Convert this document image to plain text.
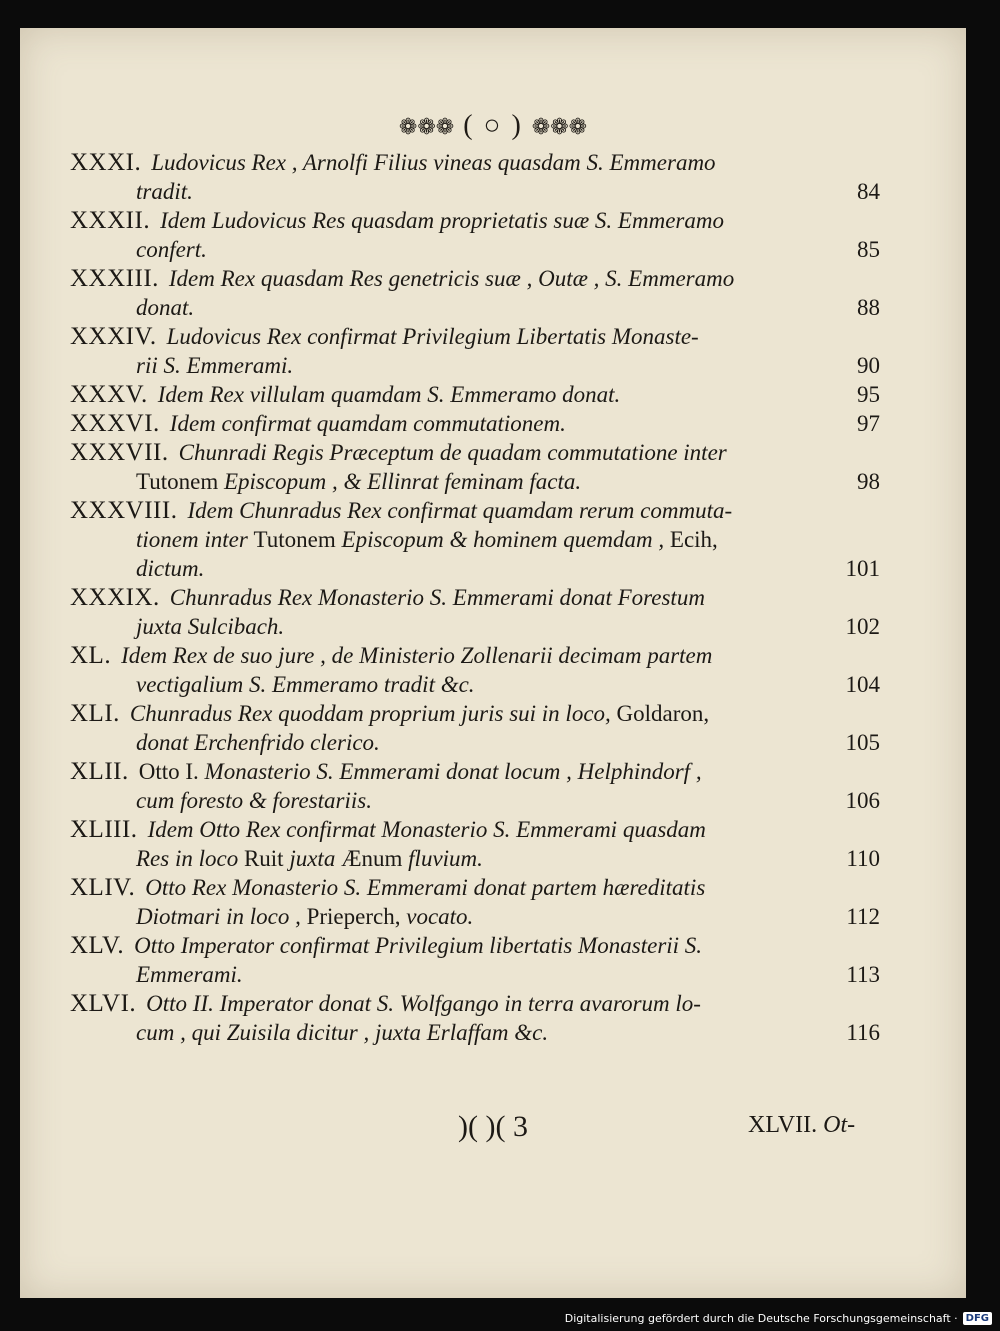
❁❁❁ ( ○ ) ❁❁❁
XXXI. Ludovicus Rex , Arnolfi Filius vineas quasdam S. Emmeramo
tradit.	84
XXXII. Idem Ludovicus Res quasdam proprietatis suæ S. Emmeramo
confert.	85
XXXIII. Idem Rex quasdam Res genetricis suæ , Outæ , S. Emmeramo
donat.	88
XXXIV. Ludovicus Rex confirmat Privilegium Libertatis Monaste-
rii S. Emmerami.	90
XXXV. Idem Rex villulam quamdam S. Emmeramo donat.	95
XXXVI. Idem confirmat quamdam commutationem.	97
XXXVII. Chunradi Regis Præceptum de quadam commutatione inter
Tutonem Episcopum , & Ellinrat feminam facta.	98
XXXVIII. Idem Chunradus Rex confirmat quamdam rerum commuta-
tionem inter Tutonem Episcopum & hominem quemdam , Ecih,
dictum.	101
XXXIX. Chunradus Rex Monasterio S. Emmerami donat Forestum
juxta Sulcibach.	102
XL. Idem Rex de suo jure , de Ministerio Zollenarii decimam partem
vectigalium S. Emmeramo tradit &c.	104
XLI. Chunradus Rex quoddam proprium juris sui in loco, Goldaron,
donat Erchenfrido clerico.	105
XLII. Otto I. Monasterio S. Emmerami donat locum , Helphindorf ,
cum foresto & forestariis.	106
XLIII. Idem Otto Rex confirmat Monasterio S. Emmerami quasdam
Res in loco Ruit juxta Ænum fluvium.	110
XLIV. Otto Rex Monasterio S. Emmerami donat partem hæreditatis
Diotmari in loco , Prieperch, vocato.	112
XLV. Otto Imperator confirmat Privilegium libertatis Monasterii S.
Emmerami.	113
XLVI. Otto II. Imperator donat S. Wolfgango in terra avarorum lo-
cum , qui Zuisila dicitur , juxta Erlaffam &c.	116
)( )( 3	XLVII. Ot-
Digitalisierung gefördert durch die Deutsche Forschungsgemeinschaft · DFG
